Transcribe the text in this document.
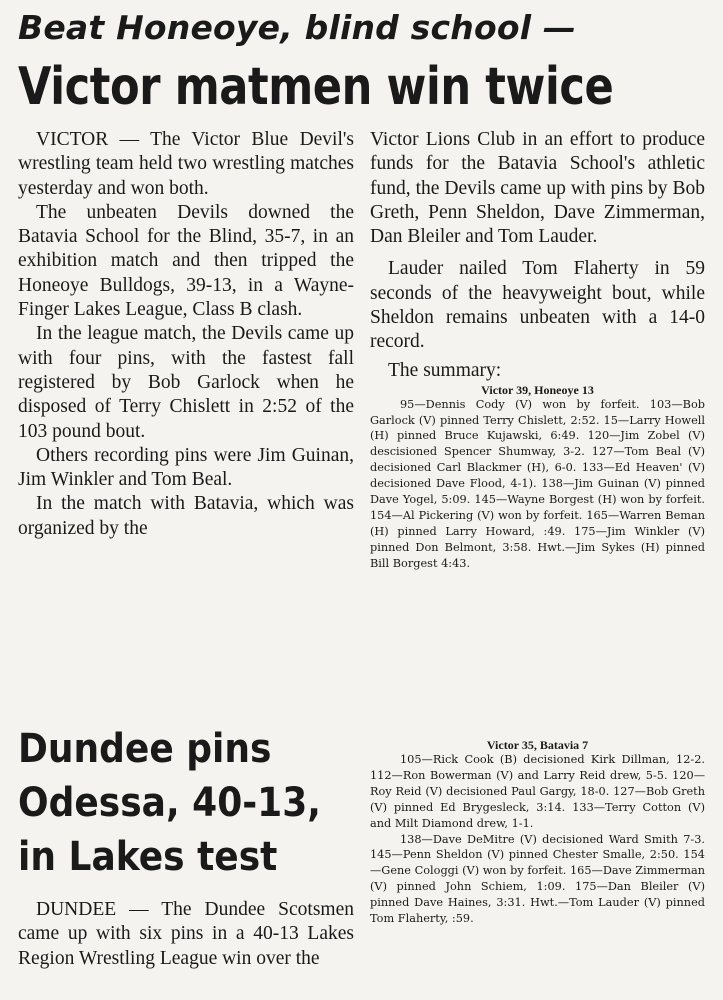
Beat Honeoye, blind school —
Victor matmen win twice

VICTOR — The Victor Blue Devil's wrestling team held two wrestling matches yesterday and won both.

The unbeaten Devils downed the Batavia School for the Blind, 35-7, in an exhibition match and then tripped the Honeoye Bulldogs, 39-13, in a Wayne-Finger Lakes League, Class B clash.

In the league match, the Devils came up with four pins, with the fastest fall registered by Bob Garlock when he disposed of Terry Chislett in 2:52 of the 103 pound bout.

Others recording pins were Jim Guinan, Jim Winkler and Tom Beal.

In the match with Batavia, which was organized by the

Victor Lions Club in an effort to produce funds for the Batavia School's athletic fund, the Devils came up with pins by Bob Greth, Penn Sheldon, Dave Zimmerman, Dan Bleiler and Tom Lauder.

Lauder nailed Tom Flaherty in 59 seconds of the heavyweight bout, while Sheldon remains unbeaten with a 14-0 record.

The summary:
Victor 39, Honeoye 13

95—Dennis Cody (V) won by forfeit. 103—Bob Garlock (V) pinned Terry Chislett, 2:52. 15—Larry Howell (H) pinned Bruce Kujawski, 6:49. 120—Jim Zobel (V) descisioned Spencer Shumway, 3-2. 127—Tom Beal (V) decisioned Carl Blackmer (H), 6-0. 133—Ed Heaven' (V) decisioned Dave Flood, 4-1). 138—Jim Guinan (V) pinned Dave Yogel, 5:09. 145—Wayne Borgest (H) won by forfeit. 154—Al Pickering (V) won by forfeit. 165—Warren Beman (H) pinned Larry Howard, :49. 175—Jim Winkler (V) pinned Don Belmont, 3:58. Hwt.—Jim Sykes (H) pinned Bill Borgest 4:43.

Dundee pins
Odessa, 40-13,
in Lakes test

DUNDEE — The Dundee Scotsmen came up with six pins in a 40-13 Lakes Region Wrestling League win over the

Victor 35, Batavia 7

105—Rick Cook (B) decisioned Kirk Dillman, 12-2. 112—Ron Bowerman (V) and Larry Reid drew, 5-5. 120—Roy Reid (V) decisioned Paul Gargy, 18-0. 127—Bob Greth (V) pinned Ed Brygesleck, 3:14. 133—Terry Cotton (V) and Milt Diamond drew, 1-1.

138—Dave DeMitre (V) decisioned Ward Smith 7-3. 145—Penn Sheldon (V) pinned Chester Smalle, 2:50. 154—Gene Cologgi (V) won by forfeit. 165—Dave Zimmerman (V) pinned John Schiem, 1:09. 175—Dan Bleiler (V) pinned Dave Haines, 3:31. Hwt.—Tom Lauder (V) pinned Tom Flaherty, :59.
